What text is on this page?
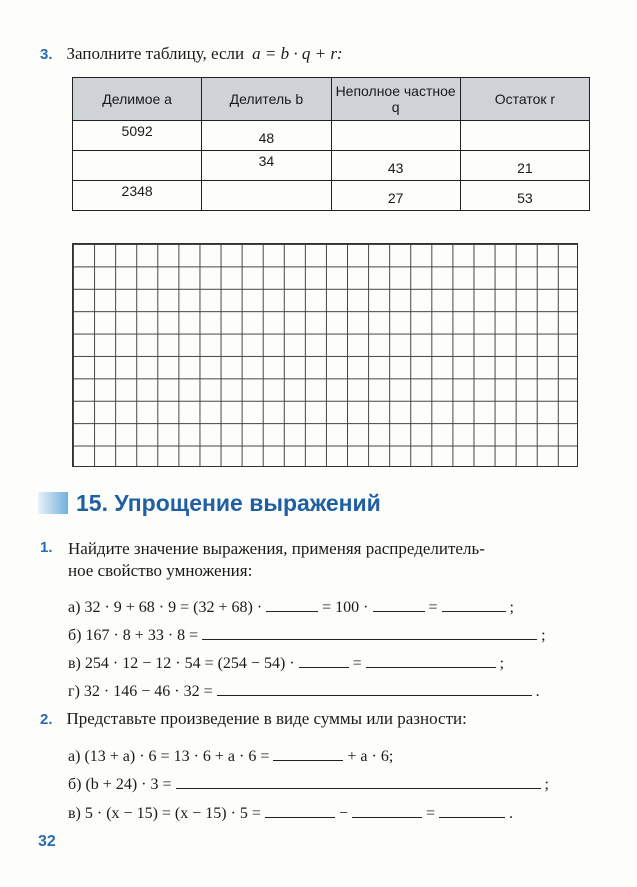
3. Заполните таблицу, если a = b · q + r:
Делимое a	Делитель b	Неполное частное q	Остаток r

5092	48		

	34	43	21

2348		27	53
15. Упрощение выражений
1. Найдите значение выражения, применяя распределитель-
ное свойство умножения:
а) 32 · 9 + 68 · 9 = (32 + 68) ·	= 100 ·	=	;
б) 167 · 8 + 33 · 8 =	;
в) 254 · 12 − 12 · 54 = (254 − 54) ·	=	;
г) 32 · 146 − 46 · 32 =	.
2. Представьте произведение в виде суммы или разности:
а) (13 + a) · 6 = 13 · 6 + a · 6 =	+ a · 6;
б) (b + 24) · 3 =	;
в) 5 · (x − 15) = (x − 15) · 5 =	−	=	.
32
